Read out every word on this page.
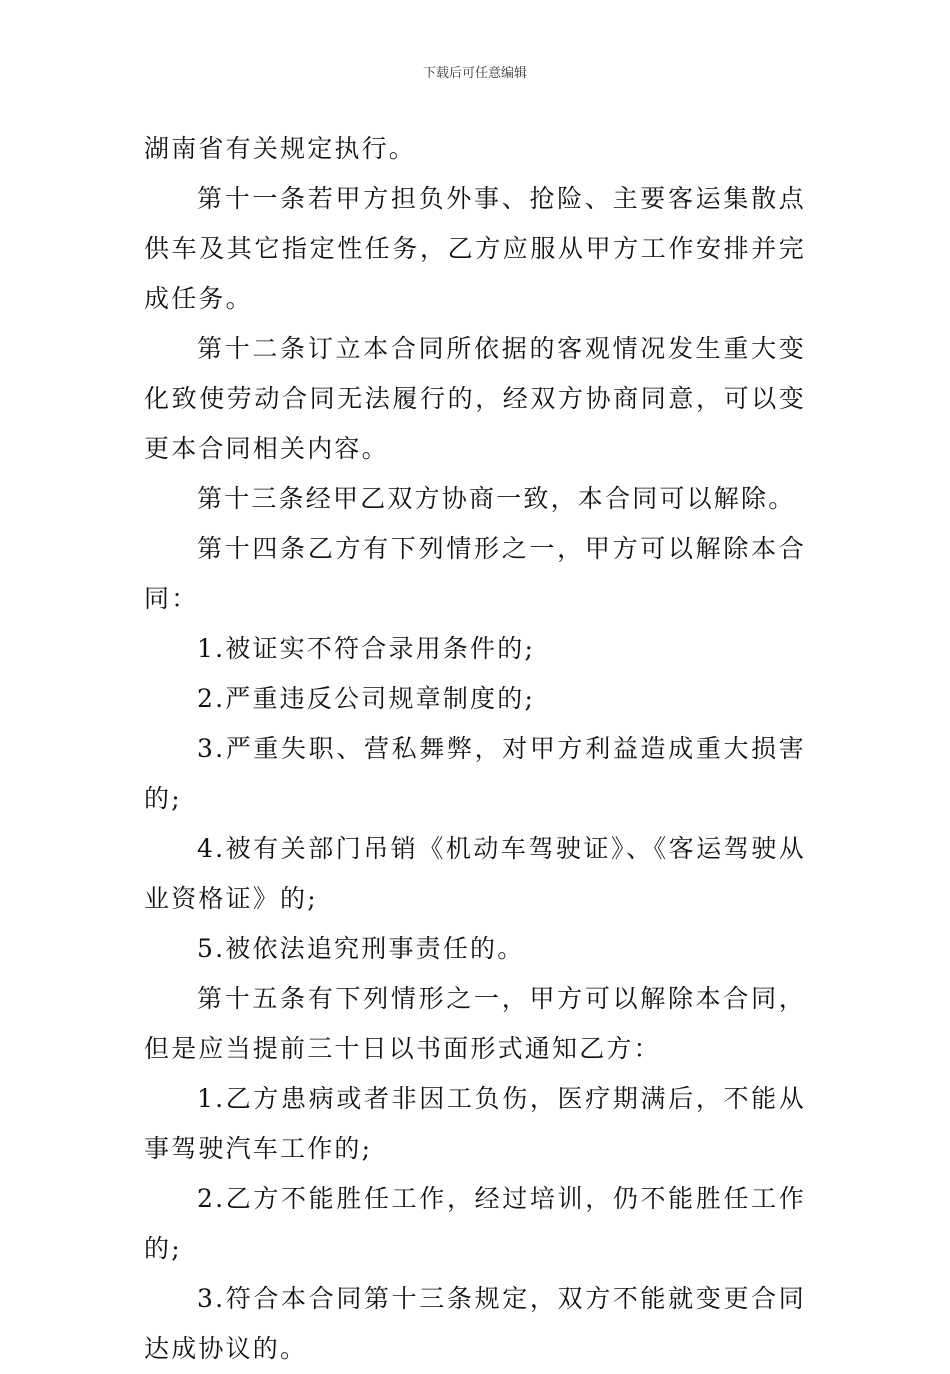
下载后可任意编辑

湖南省有关规定执行。

第十一条若甲方担负外事、抢险、主要客运集散点供车及其它指定性任务，乙方应服从甲方工作安排并完成任务。

第十二条订立本合同所依据的客观情况发生重大变化致使劳动合同无法履行的，经双方协商同意，可以变更本合同相关内容。

第十三条经甲乙双方协商一致，本合同可以解除。

第十四条乙方有下列情形之一，甲方可以解除本合同：

1.被证实不符合录用条件的;

2.严重违反公司规章制度的;

3.严重失职、营私舞弊，对甲方利益造成重大损害的;

4.被有关部门吊销《机动车驾驶证》、《客运驾驶从业资格证》的;

5.被依法追究刑事责任的。

第十五条有下列情形之一，甲方可以解除本合同，但是应当提前三十日以书面形式通知乙方：

1.乙方患病或者非因工负伤，医疗期满后，不能从事驾驶汽车工作的;

2.乙方不能胜任工作，经过培训，仍不能胜任工作的;

3.符合本合同第十三条规定，双方不能就变更合同达成协议的。
